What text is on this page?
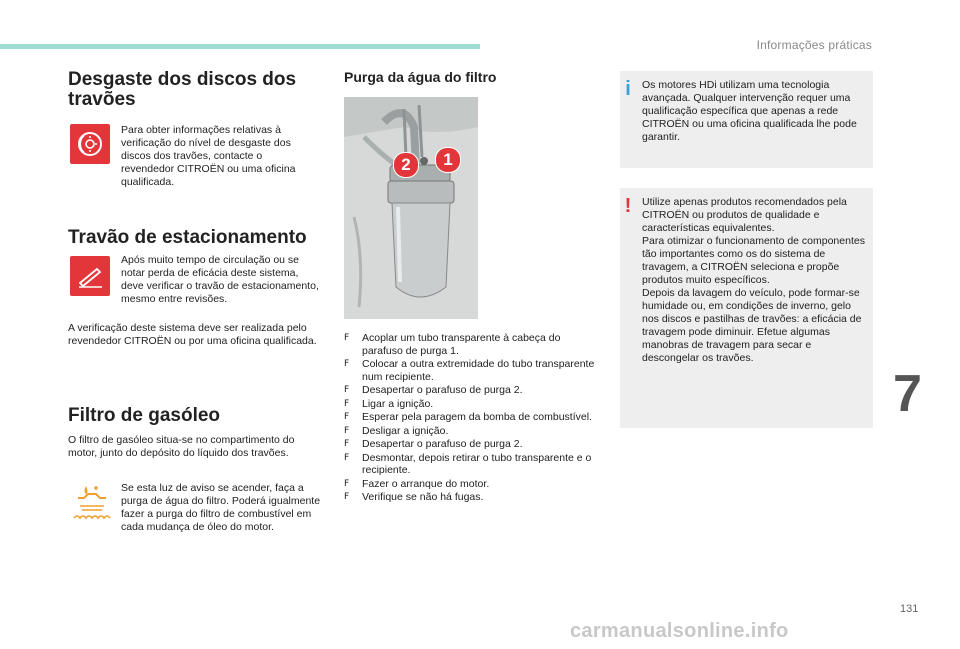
Informações práticas
Desgaste dos discos dos travões

Para obter informações relativas à verificação do nível de desgaste dos discos dos travões, contacte o revendedor CITROËN ou uma oficina qualificada.

Travão de estacionamento

Após muito tempo de circulação ou se notar perda de eficácia deste sistema, deve verificar o travão de estacionamento, mesmo entre revisões.

A verificação deste sistema deve ser realizada pelo revendedor CITROËN ou por uma oficina qualificada.

Filtro de gasóleo

O filtro de gasóleo situa-se no compartimento do motor, junto do depósito do líquido dos travões.

Se esta luz de aviso se acender, faça a purga de água do filtro. Poderá igualmente fazer a purga do filtro de combustível em cada mudança de óleo do motor.

Purga da água do filtro
2	1
F Acoplar um tubo transparente à cabeça do parafuso de purga 1.
F Colocar a outra extremidade do tubo transparente num recipiente.
F Desapertar o parafuso de purga 2.
F Ligar a ignição.
F Esperar pela paragem da bomba de combustível.
F Desligar a ignição.
F Desapertar o parafuso de purga 2.
F Desmontar, depois retirar o tubo transparente e o recipiente.
F Fazer o arranque do motor.
F Verifique se não há fugas.
i	Os motores HDi utilizam uma tecnologia avançada. Qualquer intervenção requer uma qualificação específica que apenas a rede CITROËN ou uma oficina qualificada lhe pode garantir.

!	Utilize apenas produtos recomendados pela CITROËN ou produtos de qualidade e características equivalentes.

Para otimizar o funcionamento de componentes tão importantes como os do sistema de travagem, a CITROËN seleciona e propõe produtos muito específicos.

Depois da lavagem do veículo, pode formar-se humidade ou, em condições de inverno, gelo nos discos e pastilhas de travões: a eficácia de travagem pode diminuir. Efetue algumas manobras de travagem para secar e descongelar os travões.

7
131
carmanualsonline.info
